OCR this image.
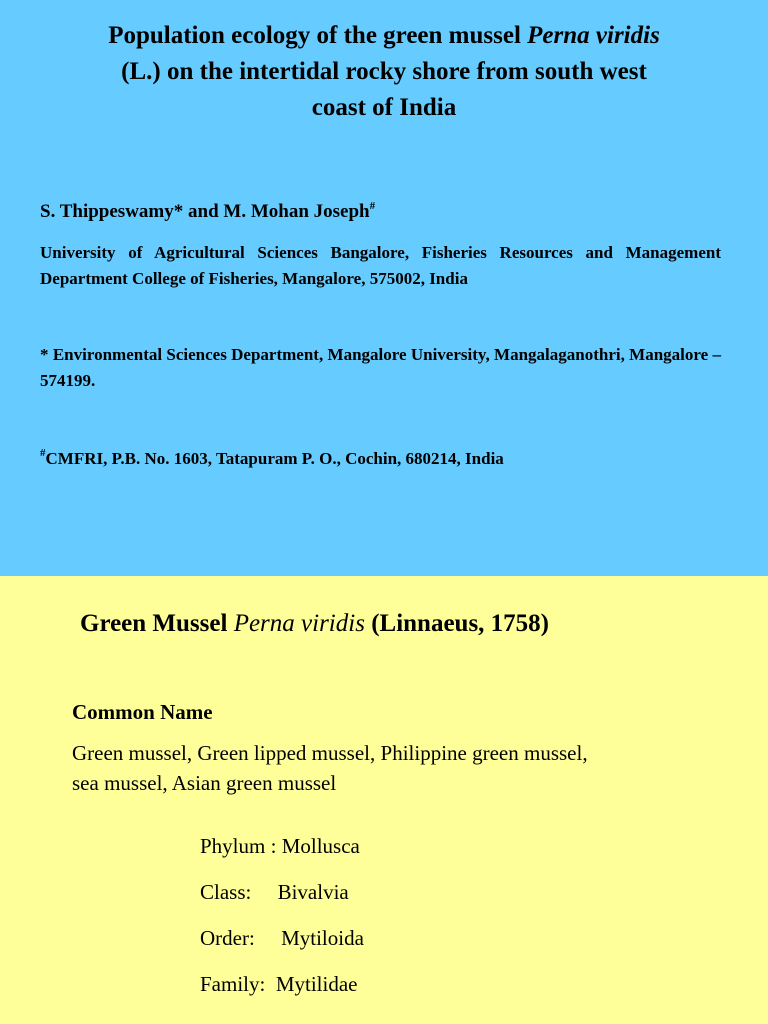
Population ecology of the green mussel Perna viridis
(L.) on the intertidal rocky shore from south west
coast of India

S. Thippeswamy* and M. Mohan Joseph#

University of Agricultural Sciences Bangalore, Fisheries Resources and Management Department College of Fisheries, Mangalore, 575002, India

* Environmental Sciences Department, Mangalore University, Mangalaganothri, Mangalore – 574199.

#CMFRI, P.B. No. 1603, Tatapuram P. O., Cochin, 680214, India

Green Mussel Perna viridis (Linnaeus, 1758)

Common Name

Green mussel, Green lipped mussel, Philippine green mussel, sea mussel, Asian green mussel

Phylum : Mollusca
Class: Bivalvia
Order: Mytiloida
Family: Mytilidae
